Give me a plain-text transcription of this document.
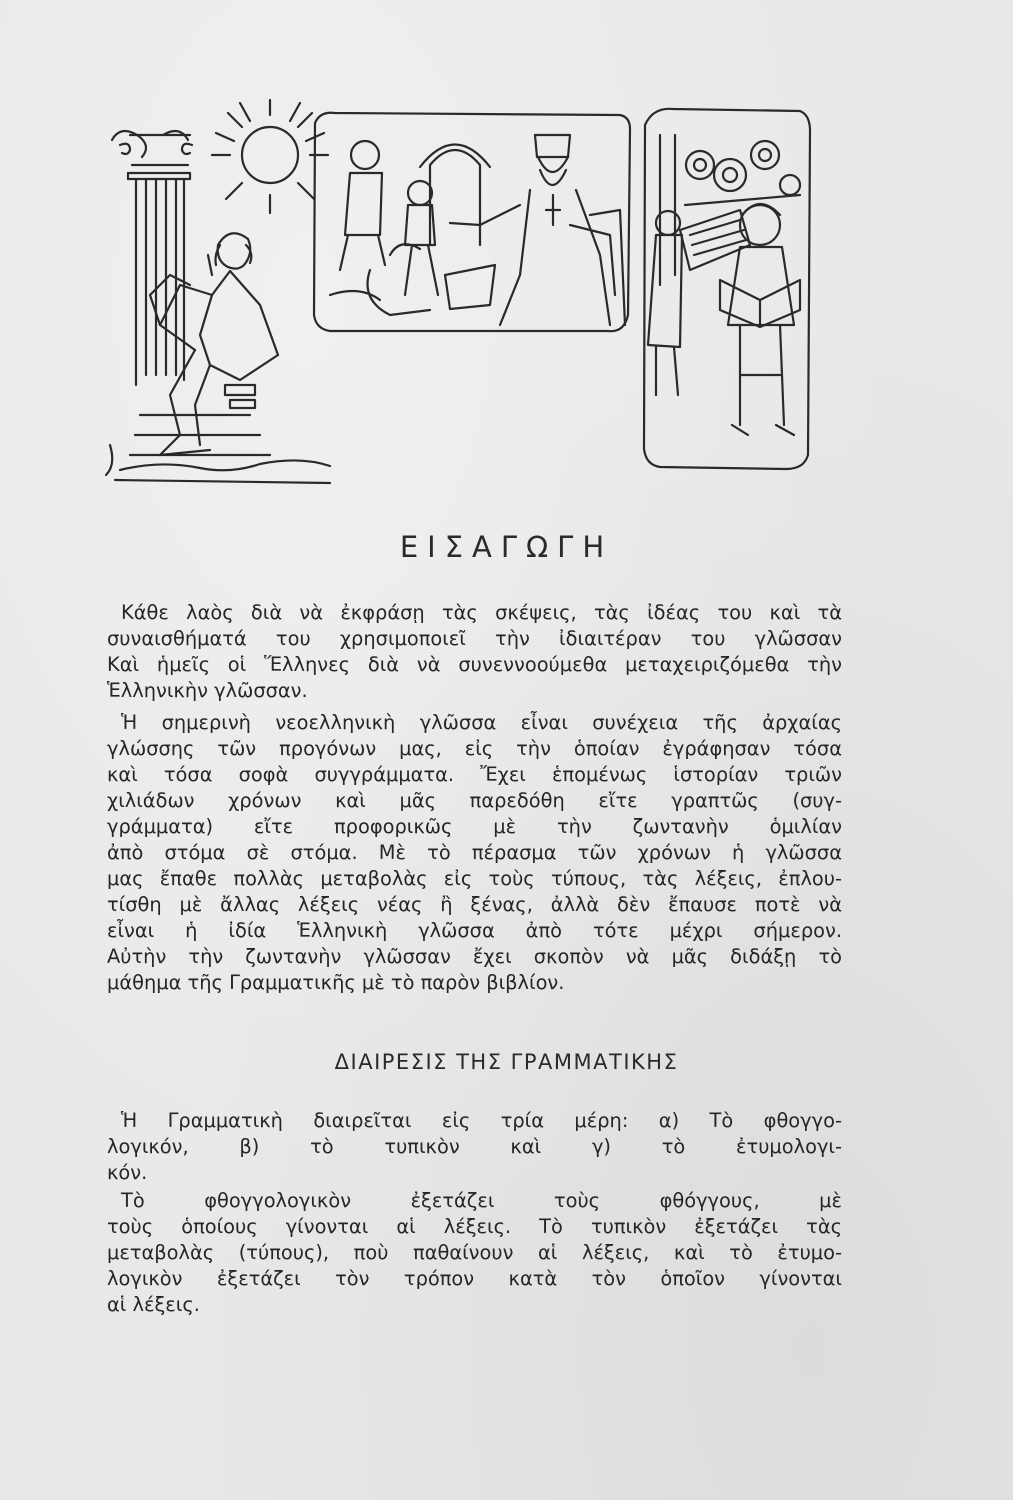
ΕΙΣΑΓΩΓΗ
Κάθε λαὸς διὰ νὰ ἐκφράσῃ τὰς σκέψεις, τὰς ἰδέας του καὶ τὰ
συναισθήματά του χρησιμοποιεῖ τὴν ἰδιαιτέραν του γλῶσσαν
Καὶ ἡμεῖς οἱ Ἕλληνες διὰ νὰ συνεννοούμεθα μεταχειριζόμεθα τὴν
Ἑλληνικὴν γλῶσσαν.
Ἡ σημερινὴ νεοελληνικὴ γλῶσσα εἶναι συνέχεια τῆς ἀρχαίας
γλώσσης τῶν προγόνων μας, εἰς τὴν ὁποίαν ἐγράφησαν τόσα
καὶ τόσα σοφὰ συγγράμματα. Ἔχει ἑπομένως ἱστορίαν τριῶν
χιλιάδων χρόνων καὶ μᾶς παρεδόθη εἴτε γραπτῶς (συγ-
γράμματα) εἴτε προφορικῶς μὲ τὴν ζωντανὴν ὁμιλίαν
ἀπὸ στόμα σὲ στόμα. Μὲ τὸ πέρασμα τῶν χρόνων ἡ γλῶσσα
μας ἔπαθε πολλὰς μεταβολὰς εἰς τοὺς τύπους, τὰς λέξεις, ἐπλου-
τίσθη μὲ ἄλλας λέξεις νέας ἢ ξένας, ἀλλὰ δὲν ἔπαυσε ποτὲ νὰ
εἶναι ἡ ἰδία Ἑλληνικὴ γλῶσσα ἀπὸ τότε μέχρι σήμερον.
Αὐτὴν τὴν ζωντανὴν γλῶσσαν ἔχει σκοπὸν νὰ μᾶς διδάξῃ τὸ
μάθημα τῆς Γραμματικῆς μὲ τὸ παρὸν βιβλίον.
ΔΙΑΙΡΕΣΙΣ ΤΗΣ ΓΡΑΜΜΑΤΙΚΗΣ
Ἡ Γραμματικὴ διαιρεῖται εἰς τρία μέρη: α) Τὸ φθογγο-
λογικόν, β) τὸ τυπικὸν καὶ γ) τὸ ἐτυμολογι-
κόν.
Τὸ φθογγολογικὸν ἐξετάζει τοὺς φθόγγους, μὲ
τοὺς ὁποίους γίνονται αἱ λέξεις. Τὸ τυπικὸν ἐξετάζει τὰς
μεταβολὰς (τύπους), ποὺ παθαίνουν αἱ λέξεις, καὶ τὸ ἐτυμο-
λογικὸν ἐξετάζει τὸν τρόπον κατὰ τὸν ὁποῖον γίνονται
αἱ λέξεις.
